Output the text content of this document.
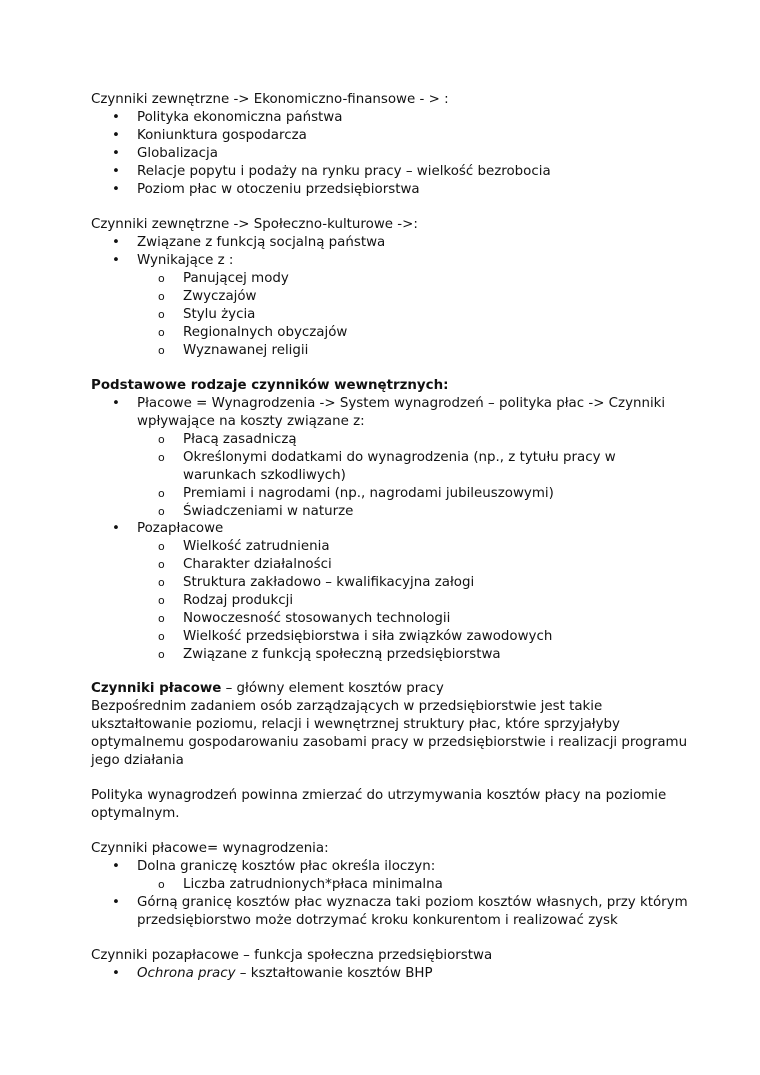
Czynniki zewnętrzne -> Ekonomiczno-finansowe - > :
• Polityka ekonomiczna państwa
• Koniunktura gospodarcza
• Globalizacja
• Relacje popytu i podaży na rynku pracy – wielkość bezrobocia
• Poziom płac w otoczeniu przedsiębiorstwa
Czynniki zewnętrzne -> Społeczno-kulturowe ->:
• Związane z funkcją socjalną państwa
• Wynikające z :
o Panującej mody
o Zwyczajów
o Stylu życia
o Regionalnych obyczajów
o Wyznawanej religii
Podstawowe rodzaje czynników wewnętrznych:
• Płacowe = Wynagrodzenia -> System wynagrodzeń – polityka płac -> Czynniki
wpływające na koszty związane z:
o Płacą zasadniczą
o Określonymi dodatkami do wynagrodzenia (np., z tytułu pracy w
warunkach szkodliwych)
o Premiami i nagrodami (np., nagrodami jubileuszowymi)
o Świadczeniami w naturze
• Pozapłacowe
o Wielkość zatrudnienia
o Charakter działalności
o Struktura zakładowo – kwalifikacyjna załogi
o Rodzaj produkcji
o Nowoczesność stosowanych technologii
o Wielkość przedsiębiorstwa i siła związków zawodowych
o Związane z funkcją społeczną przedsiębiorstwa
Czynniki płacowe – główny element kosztów pracy
Bezpośrednim zadaniem osób zarządzających w przedsiębiorstwie jest takie
ukształtowanie poziomu, relacji i wewnętrznej struktury płac, które sprzyjałyby
optymalnemu gospodarowaniu zasobami pracy w przedsiębiorstwie i realizacji programu
jego działania
Polityka wynagrodzeń powinna zmierzać do utrzymywania kosztów płacy na poziomie
optymalnym.
Czynniki płacowe= wynagrodzenia:
• Dolna graniczę kosztów płac określa iloczyn:
o Liczba zatrudnionych*płaca minimalna
• Górną granicę kosztów płac wyznacza taki poziom kosztów własnych, przy którym
przedsiębiorstwo może dotrzymać kroku konkurentom i realizować zysk
Czynniki pozapłacowe – funkcja społeczna przedsiębiorstwa
• Ochrona pracy – kształtowanie kosztów BHP
